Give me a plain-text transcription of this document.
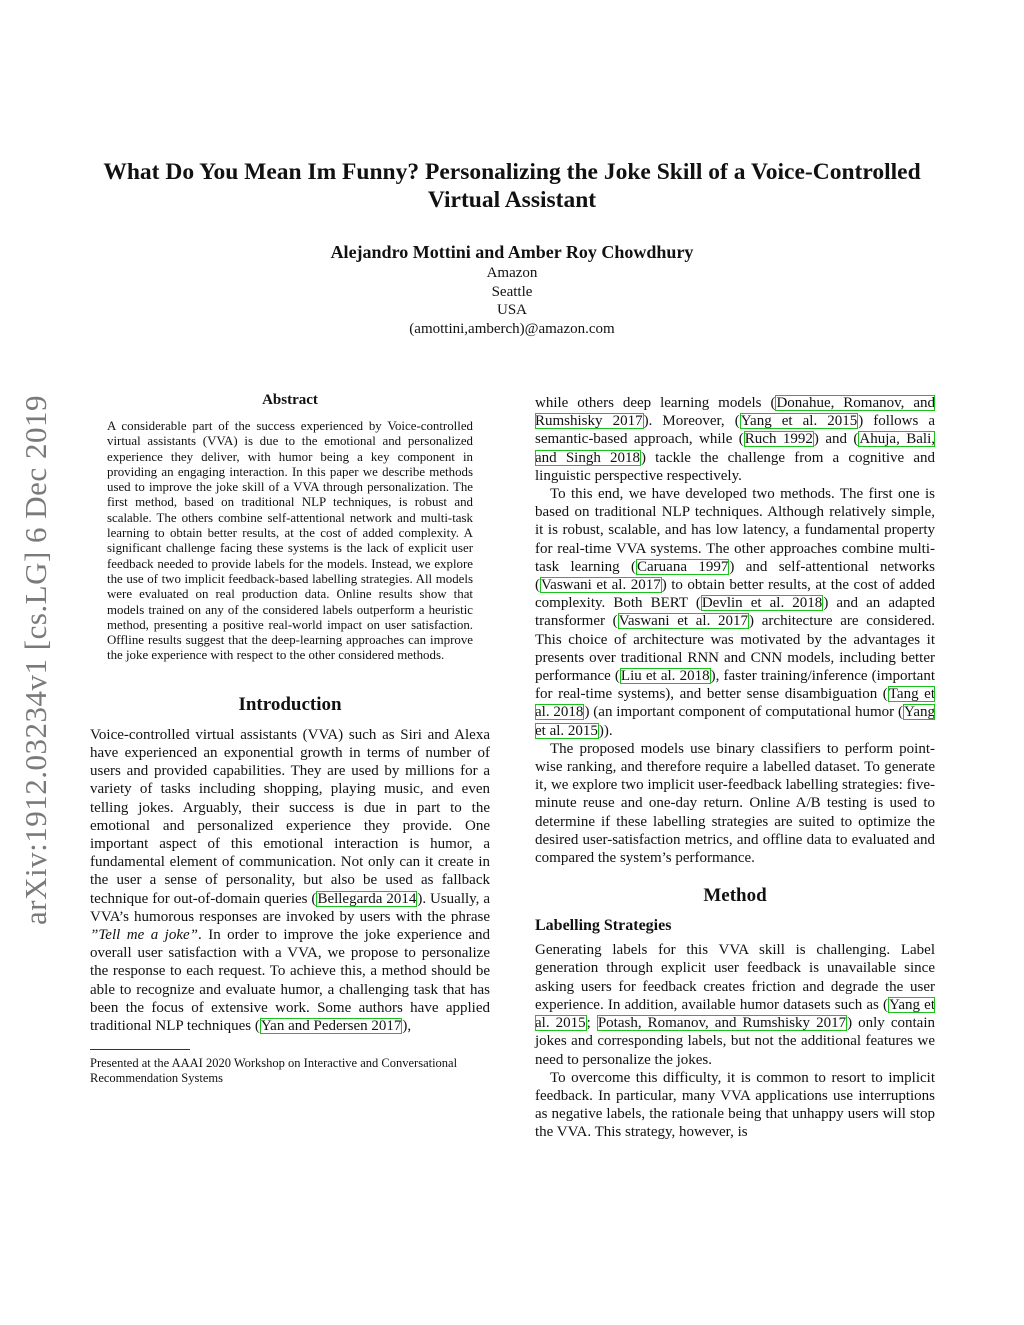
arXiv:1912.03234v1 [cs.LG] 6 Dec 2019
What Do You Mean Im Funny? Personalizing the Joke Skill of a Voice-Controlled Virtual Assistant
Alejandro Mottini and Amber Roy Chowdhury
Amazon
Seattle
USA
(amottini,amberch)@amazon.com
Abstract

A considerable part of the success experienced by Voice-controlled virtual assistants (VVA) is due to the emotional and personalized experience they deliver, with humor being a key component in providing an engaging interaction. In this paper we describe methods used to improve the joke skill of a VVA through personalization. The first method, based on traditional NLP techniques, is robust and scalable. The others combine self-attentional network and multi-task learning to obtain better results, at the cost of added complexity. A significant challenge facing these systems is the lack of explicit user feedback needed to provide labels for the models. Instead, we explore the use of two implicit feedback-based labelling strategies. All models were evaluated on real production data. Online results show that models trained on any of the considered labels outperform a heuristic method, presenting a positive real-world impact on user satisfaction. Offline results suggest that the deep-learning approaches can improve the joke experience with respect to the other considered methods.

Introduction

Voice-controlled virtual assistants (VVA) such as Siri and Alexa have experienced an exponential growth in terms of number of users and provided capabilities. They are used by millions for a variety of tasks including shopping, playing music, and even telling jokes. Arguably, their success is due in part to the emotional and personalized experience they provide. One important aspect of this emotional interaction is humor, a fundamental element of communication. Not only can it create in the user a sense of personality, but also be used as fallback technique for out-of-domain queries (Bellegarda 2014). Usually, a VVA’s humorous responses are invoked by users with the phrase ”Tell me a joke”. In order to improve the joke experience and overall user satisfaction with a VVA, we propose to personalize the response to each request. To achieve this, a method should be able to recognize and evaluate humor, a challenging task that has been the focus of extensive work. Some authors have applied traditional NLP techniques (Yan and Pedersen 2017),

Presented at the AAAI 2020 Workshop on Interactive and Conversational Recommendation Systems

while others deep learning models (Donahue, Romanov, and Rumshisky 2017). Moreover, (Yang et al. 2015) follows a semantic-based approach, while (Ruch 1992) and (Ahuja, Bali, and Singh 2018) tackle the challenge from a cognitive and linguistic perspective respectively.

To this end, we have developed two methods. The first one is based on traditional NLP techniques. Although relatively simple, it is robust, scalable, and has low latency, a fundamental property for real-time VVA systems. The other approaches combine multi-task learning (Caruana 1997) and self-attentional networks (Vaswani et al. 2017) to obtain better results, at the cost of added complexity. Both BERT (Devlin et al. 2018) and an adapted transformer (Vaswani et al. 2017) architecture are considered. This choice of architecture was motivated by the advantages it presents over traditional RNN and CNN models, including better performance (Liu et al. 2018), faster training/inference (important for real-time systems), and better sense disambiguation (Tang et al. 2018) (an important component of computational humor (Yang et al. 2015)).

The proposed models use binary classifiers to perform point-wise ranking, and therefore require a labelled dataset. To generate it, we explore two implicit user-feedback labelling strategies: five-minute reuse and one-day return. Online A/B testing is used to determine if these labelling strategies are suited to optimize the desired user-satisfaction metrics, and offline data to evaluated and compared the system’s performance.

Method
Labelling Strategies

Generating labels for this VVA skill is challenging. Label generation through explicit user feedback is unavailable since asking users for feedback creates friction and degrade the user experience. In addition, available humor datasets such as (Yang et al. 2015; Potash, Romanov, and Rumshisky 2017) only contain jokes and corresponding labels, but not the additional features we need to personalize the jokes.

To overcome this difficulty, it is common to resort to implicit feedback. In particular, many VVA applications use interruptions as negative labels, the rationale being that unhappy users will stop the VVA. This strategy, however, is
